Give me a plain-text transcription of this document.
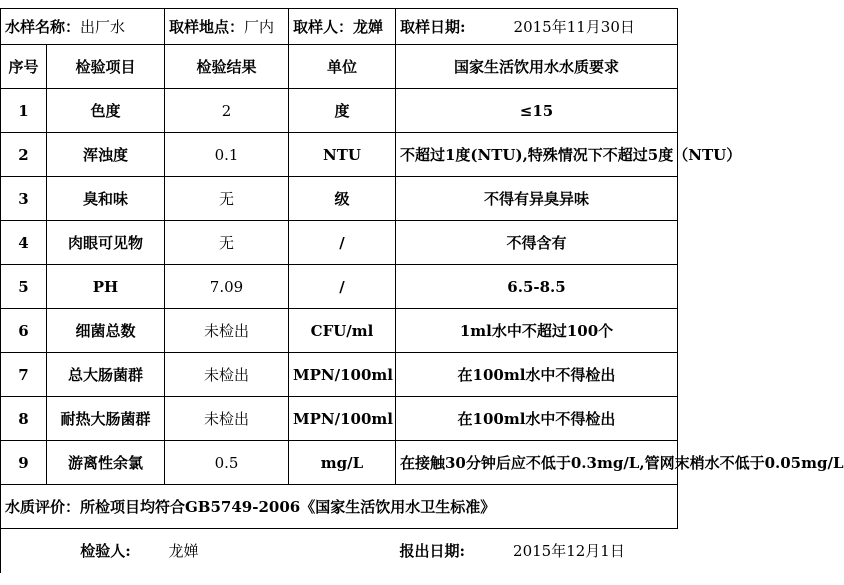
水样名称：出厂水		取样地点：厂内	取样人：龙婵	取样日期: 2015年11月30日
序号	检验项目	检验结果	单位	国家生活饮用水水质要求
1	色度	2	度	≤15
2	浑浊度	0.1	NTU	不超过1度(NTU),特殊情况下不超过5度（NTU）
3	臭和味	无	级	不得有异臭异味
4	肉眼可见物	无	/	不得含有
5	PH	7.09	/	6.5-8.5
6	细菌总数	未检出	CFU/ml	1ml水中不超过100个
7	总大肠菌群	未检出	MPN/100ml	在100ml水中不得检出
8	耐热大肠菌群	未检出	MPN/100ml	在100ml水中不得检出
9	游离性余氯	0.5	mg/L	在接触30分钟后应不低于0.3mg/L,管网末梢水不低于0.05mg/L
水质评价：所检项目均符合GB5749-2006《国家生活饮用水卫生标准》				
	检验人:	龙婵		报出日期: 2015年12月1日
